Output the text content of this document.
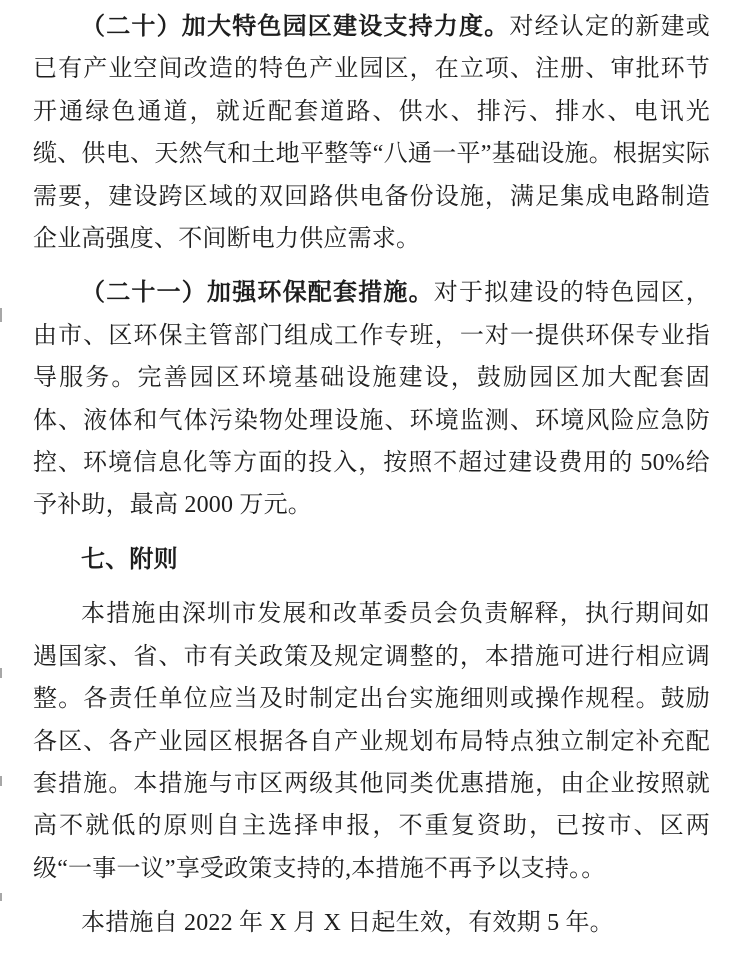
（二十）加大特色园区建设支持力度。对经认定的新建或已有产业空间改造的特色产业园区，在立项、注册、审批环节开通绿色通道，就近配套道路、供水、排污、排水、电讯光缆、供电、天然气和土地平整等“八通一平”基础设施。根据实际需要，建设跨区域的双回路供电备份设施，满足集成电路制造企业高强度、不间断电力供应需求。

（二十一）加强环保配套措施。对于拟建设的特色园区，由市、区环保主管部门组成工作专班，一对一提供环保专业指导服务。完善园区环境基础设施建设，鼓励园区加大配套固体、液体和气体污染物处理设施、环境监测、环境风险应急防控、环境信息化等方面的投入，按照不超过建设费用的 50%给予补助，最高 2000 万元。

七、附则

本措施由深圳市发展和改革委员会负责解释，执行期间如遇国家、省、市有关政策及规定调整的，本措施可进行相应调整。各责任单位应当及时制定出台实施细则或操作规程。鼓励各区、各产业园区根据各自产业规划布局特点独立制定补充配套措施。本措施与市区两级其他同类优惠措施，由企业按照就高不就低的原则自主选择申报，不重复资助，已按市、区两级“一事一议”享受政策支持的,本措施不再予以支持。。

本措施自 2022 年 X 月 X 日起生效，有效期 5 年。
